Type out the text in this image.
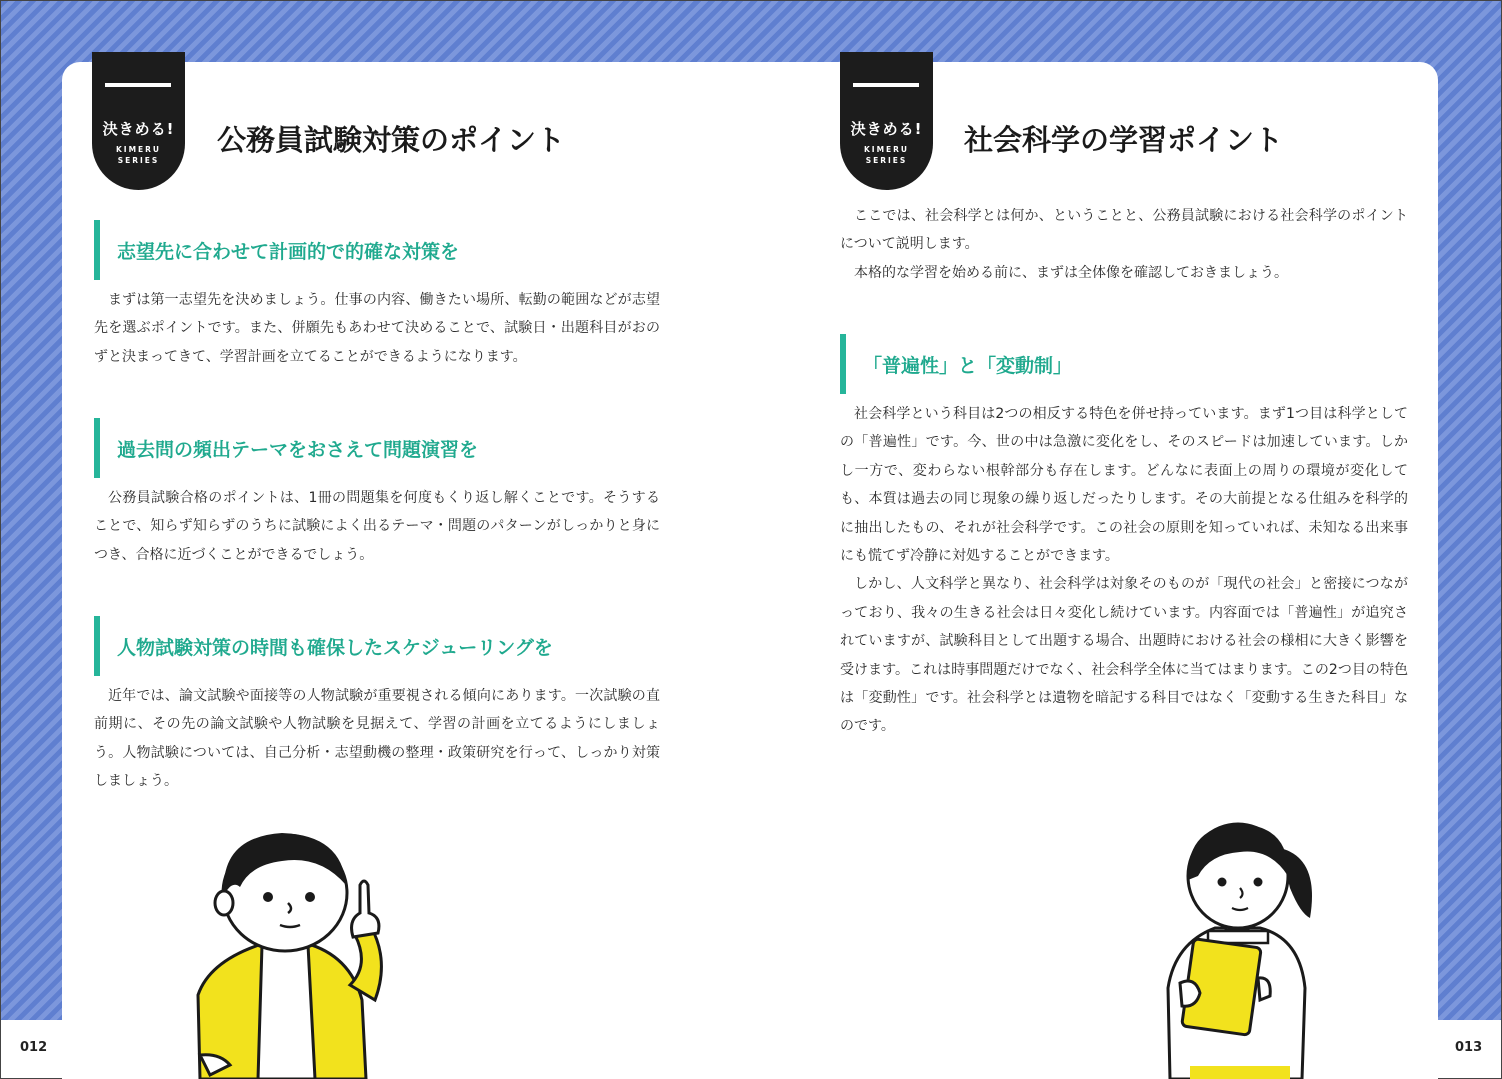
決きめる!
KIMERU
SERIES
公務員試験対策のポイント
志望先に合わせて計画的で的確な対策を

まずは第一志望先を決めましょう。仕事の内容、働きたい場所、転勤の範囲などが志望先を選ぶポイントです。また、併願先もあわせて決めることで、試験日・出題科目がおのずと決まってきて、学習計画を立てることができるようになります。

過去問の頻出テーマをおさえて問題演習を

公務員試験合格のポイントは、1冊の問題集を何度もくり返し解くことです。そうすることで、知らず知らずのうちに試験によく出るテーマ・問題のパターンがしっかりと身につき、合格に近づくことができるでしょう。

人物試験対策の時間も確保したスケジューリングを

近年では、論文試験や面接等の人物試験が重要視される傾向にあります。一次試験の直前期に、その先の論文試験や人物試験を見据えて、学習の計画を立てるようにしましょう。人物試験については、自己分析・志望動機の整理・政策研究を行って、しっかり対策しましょう。

012
決きめる!
KIMERU
SERIES
社会科学の学習ポイント

ここでは、社会科学とは何か、ということと、公務員試験における社会科学のポイントについて説明します。

本格的な学習を始める前に、まずは全体像を確認しておきましょう。

「普遍性」と「変動制」

社会科学という科目は2つの相反する特色を併せ持っています。まず1つ目は科学としての「普遍性」です。今、世の中は急激に変化をし、そのスピードは加速しています。しかし一方で、変わらない根幹部分も存在します。どんなに表面上の周りの環境が変化しても、本質は過去の同じ現象の繰り返しだったりします。その大前提となる仕組みを科学的に抽出したもの、それが社会科学です。この社会の原則を知っていれば、未知なる出来事にも慌てず冷静に対処することができます。

しかし、人文科学と異なり、社会科学は対象そのものが「現代の社会」と密接につながっており、我々の生きる社会は日々変化し続けています。内容面では「普遍性」が追究されていますが、試験科目として出題する場合、出題時における社会の様相に大きく影響を受けます。これは時事問題だけでなく、社会科学全体に当てはまります。この2つ目の特色は「変動性」です。社会科学とは遺物を暗記する科目ではなく「変動する生きた科目」なのです。

013
